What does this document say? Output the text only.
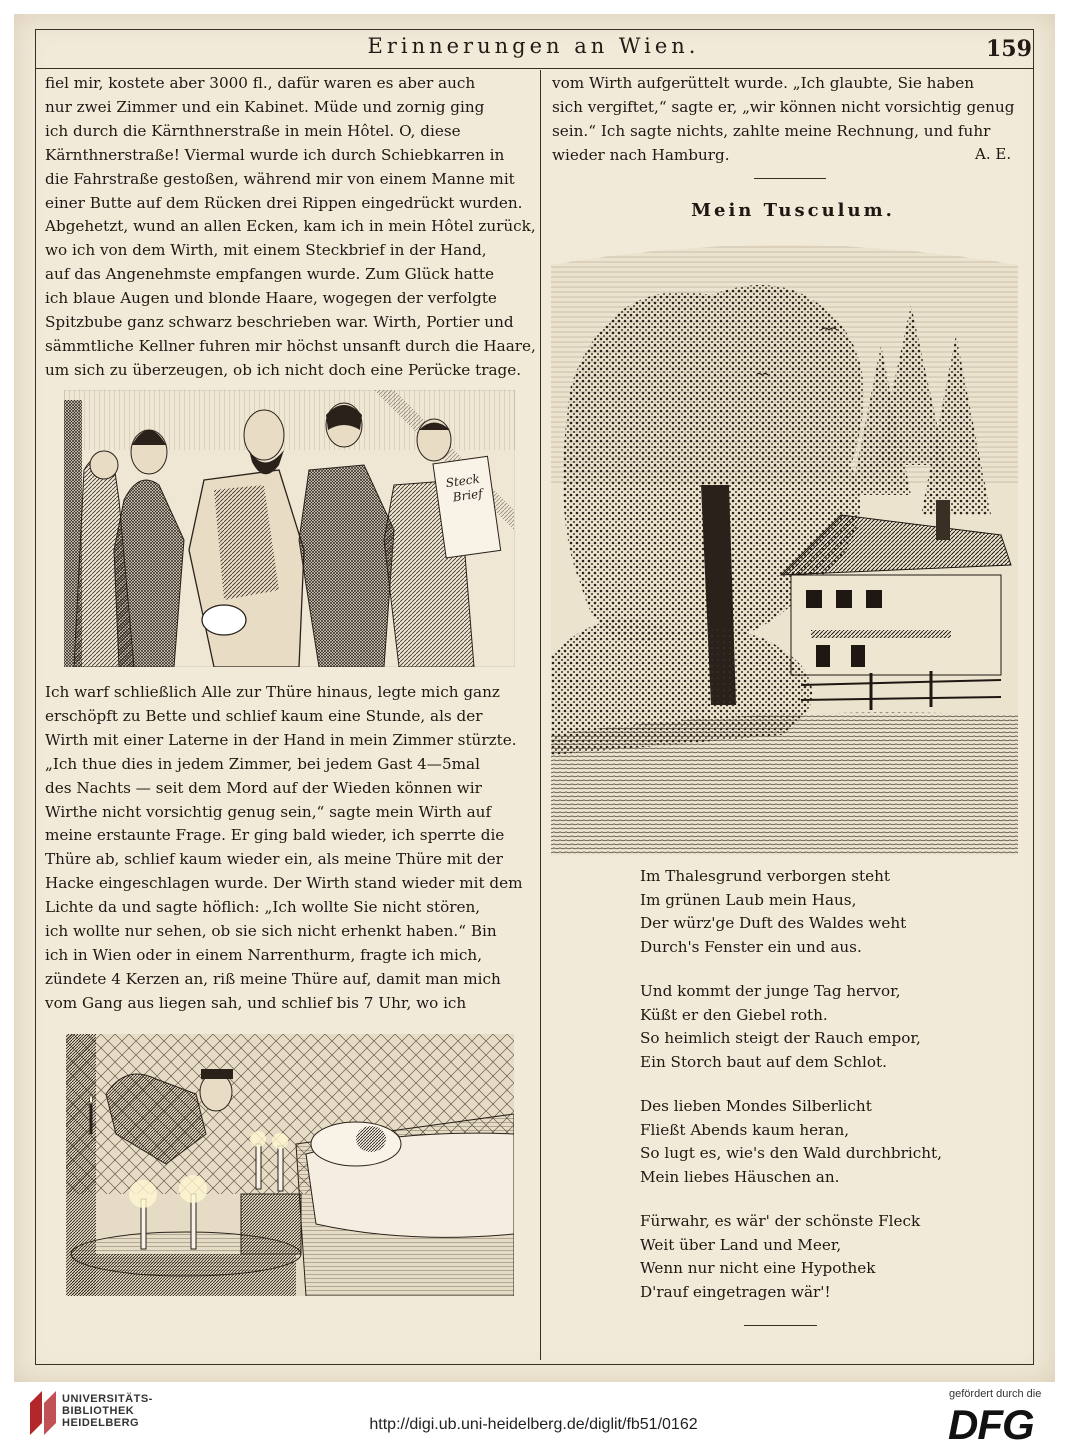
Erinnerungen an Wien.	159
fiel mir, kostete aber 3000 fl., dafür waren es aber auch
nur zwei Zimmer und ein Kabinet. Müde und zornig ging
ich durch die Kärnthnerstraße in mein Hôtel. O, diese
Kärnthnerstraße! Viermal wurde ich durch Schiebkarren in
die Fahrstraße gestoßen, während mir von einem Manne mit
einer Butte auf dem Rücken drei Rippen eingedrückt wurden.
Abgehetzt, wund an allen Ecken, kam ich in mein Hôtel zurück,
wo ich von dem Wirth, mit einem Steckbrief in der Hand,
auf das Angenehmste empfangen wurde. Zum Glück hatte
ich blaue Augen und blonde Haare, wogegen der verfolgte
Spitzbube ganz schwarz beschrieben war. Wirth, Portier und
sämmtliche Kellner fuhren mir höchst unsanft durch die Haare,
um sich zu überzeugen, ob ich nicht doch eine Perücke trage.
Steck
Brief
Ich warf schließlich Alle zur Thüre hinaus, legte mich ganz
erschöpft zu Bette und schlief kaum eine Stunde, als der
Wirth mit einer Laterne in der Hand in mein Zimmer stürzte.
„Ich thue dies in jedem Zimmer, bei jedem Gast 4—5mal
des Nachts — seit dem Mord auf der Wieden können wir
Wirthe nicht vorsichtig genug sein,“ sagte mein Wirth auf
meine erstaunte Frage. Er ging bald wieder, ich sperrte die
Thüre ab, schlief kaum wieder ein, als meine Thüre mit der
Hacke eingeschlagen wurde. Der Wirth stand wieder mit dem
Lichte da und sagte höflich: „Ich wollte Sie nicht stören,
ich wollte nur sehen, ob sie sich nicht erhenkt haben.“ Bin
ich in Wien oder in einem Narrenthurm, fragte ich mich,
zündete 4 Kerzen an, riß meine Thüre auf, damit man mich
vom Gang aus liegen sah, und schlief bis 7 Uhr, wo ich
vom Wirth aufgerüttelt wurde. „Ich glaubte, Sie haben
sich vergiftet,“ sagte er, „wir können nicht vorsichtig genug
sein.“ Ich sagte nichts, zahlte meine Rechnung, und fuhr
wieder nach Hamburg.	A. E.
Mein Tusculum.
Im Thalesgrund verborgen steht
Im grünen Laub mein Haus,
Der würz'ge Duft des Waldes weht
Durch's Fenster ein und aus.
Und kommt der junge Tag hervor,
Küßt er den Giebel roth.
So heimlich steigt der Rauch empor,
Ein Storch baut auf dem Schlot.
Des lieben Mondes Silberlicht
Fließt Abends kaum heran,
So lugt es, wie's den Wald durchbricht,
Mein liebes Häuschen an.
Fürwahr, es wär' der schönste Fleck
Weit über Land und Meer,
Wenn nur nicht eine Hypothek
D'rauf eingetragen wär'!
UNIVERSITÄTS-
BIBLIOTHEK
HEIDELBERG	http://digi.ub.uni-heidelberg.de/diglit/fb51/0162
gefördert durch die
DFG
